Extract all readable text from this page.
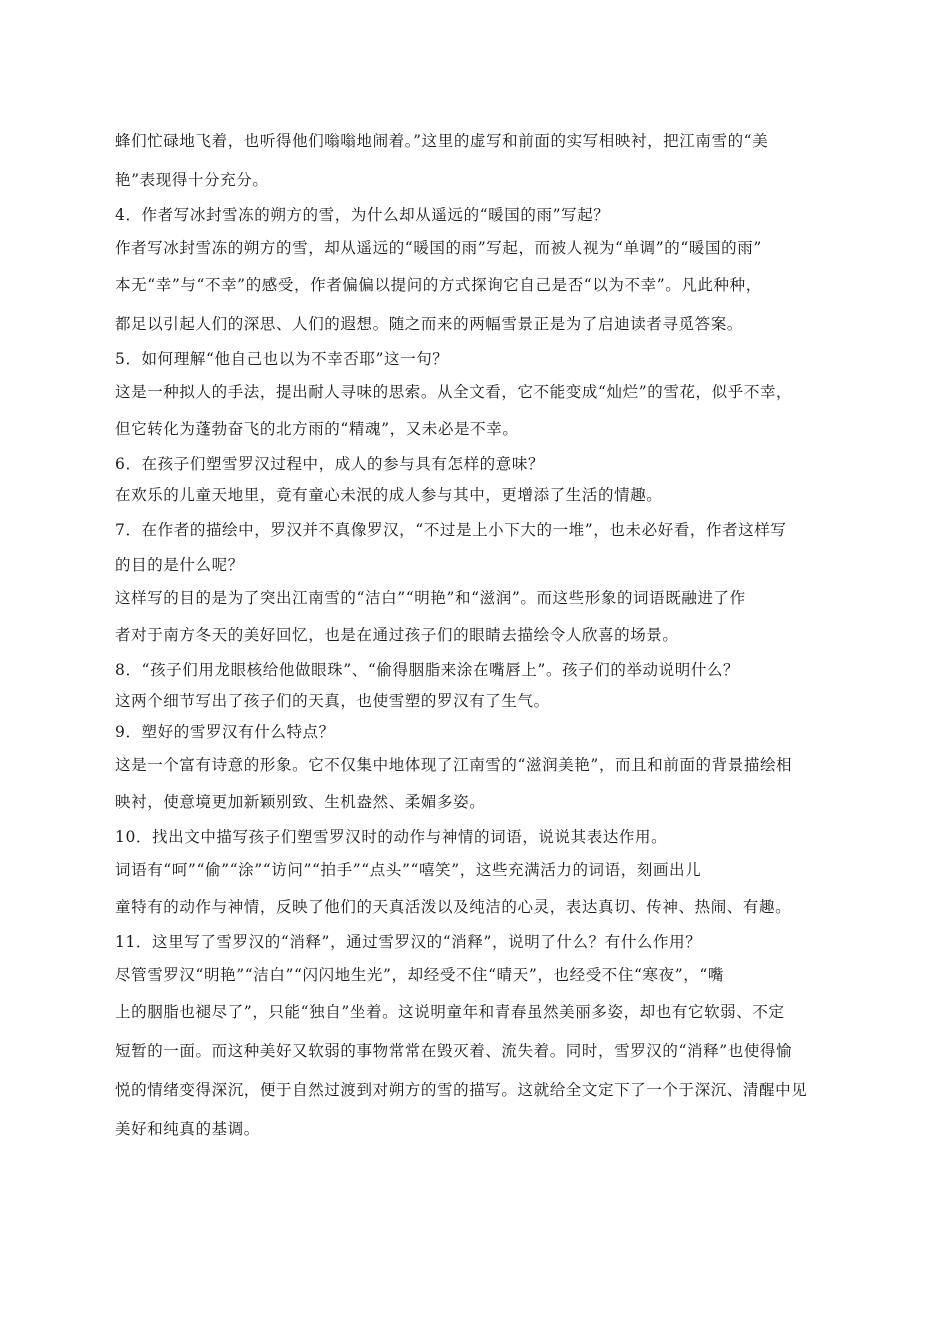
蜂们忙碌地飞着，也听得他们嗡嗡地闹着。”这里的虚写和前面的实写相映衬，把江南雪的“美
艳”表现得十分充分。
4．作者写冰封雪冻的朔方的雪，为什么却从遥远的“暖国的雨”写起？
作者写冰封雪冻的朔方的雪，却从遥远的“暖国的雨”写起，而被人视为“单调”的“暖国的雨”
本无“幸”与“不幸”的感受，作者偏偏以提问的方式探询它自己是否“以为不幸”。凡此种种，
都足以引起人们的深思、人们的遐想。随之而来的两幅雪景正是为了启迪读者寻觅答案。
5．如何理解“他自己也以为不幸否耶”这一句？
这是一种拟人的手法，提出耐人寻味的思索。从全文看，它不能变成“灿烂”的雪花，似乎不幸，
但它转化为蓬勃奋飞的北方雨的“精魂”，又未必是不幸。
6．在孩子们塑雪罗汉过程中，成人的参与具有怎样的意味？
在欢乐的儿童天地里，竟有童心未泯的成人参与其中，更增添了生活的情趣。
7．在作者的描绘中，罗汉并不真像罗汉，“不过是上小下大的一堆”，也未必好看，作者这样写
的目的是什么呢？
这样写的目的是为了突出江南雪的“洁白”“明艳”和“滋润”。而这些形象的词语既融进了作
者对于南方冬天的美好回忆，也是在通过孩子们的眼睛去描绘令人欣喜的场景。
8．“孩子们用龙眼核给他做眼珠”、“偷得胭脂来涂在嘴唇上”。孩子们的举动说明什么？
这两个细节写出了孩子们的天真，也使雪塑的罗汉有了生气。
9．塑好的雪罗汉有什么特点？
这是一个富有诗意的形象。它不仅集中地体现了江南雪的“滋润美艳”，而且和前面的背景描绘相
映衬，使意境更加新颖别致、生机盎然、柔媚多姿。
10．找出文中描写孩子们塑雪罗汉时的动作与神情的词语，说说其表达作用。
词语有“呵”“偷”“涂”“访问”“拍手”“点头”“嘻笑”，这些充满活力的词语，刻画出儿
童特有的动作与神情，反映了他们的天真活泼以及纯洁的心灵，表达真切、传神、热闹、有趣。
11．这里写了雪罗汉的“消释”，通过雪罗汉的“消释”，说明了什么？有什么作用？
尽管雪罗汉“明艳”“洁白”“闪闪地生光”，却经受不住“晴天”，也经受不住“寒夜”，“嘴
上的胭脂也褪尽了”，只能“独自”坐着。这说明童年和青春虽然美丽多姿，却也有它软弱、不定
短暂的一面。而这种美好又软弱的事物常常在毁灭着、流失着。同时，雪罗汉的“消释”也使得愉
悦的情绪变得深沉，便于自然过渡到对朔方的雪的描写。这就给全文定下了一个于深沉、清醒中见
美好和纯真的基调。
